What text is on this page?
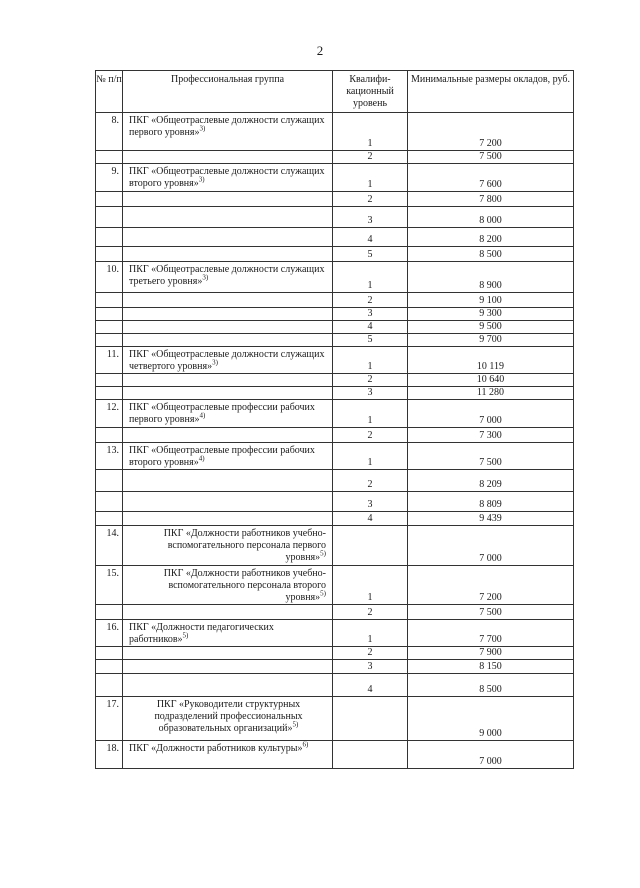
2
№ п/п	Профессиональная группа	Квалифи-кационный уровень	Минимальные размеры окладов, руб.
8.	ПКГ «Общеотраслевые должности служащих первого уровня»$^{3)}$	1	7 200
		2	7 500
9.	ПКГ «Общеотраслевые должности служащих второго уровня»$^{3)}$	1	7 600
		2	7 800
		3	8 000
		4	8 200
		5	8 500
10.	ПКГ «Общеотраслевые должности служащих третьего уровня»$^{3)}$	1	8 900
		2	9 100
		3	9 300
		4	9 500
		5	9 700
11.	ПКГ «Общеотраслевые должности служащих четвертого уровня»$^{3)}$	1	10 119
		2	10 640
		3	11 280
12.	ПКГ «Общеотраслевые профессии рабочих первого уровня»$^{4)}$	1	7 000
		2	7 300
13.	ПКГ «Общеотраслевые профессии рабочих второго уровня»$^{4)}$	1	7 500
		2	8 209
		3	8 809
		4	9 439
14.	ПКГ «Должности работников учебно-вспомогательного персонала первого уровня»$^{5)}$		7 000
15.	ПКГ «Должности работников учебно-вспомогательного персонала второго уровня»$^{5)}$	1	7 200
		2	7 500
16.	ПКГ «Должности педагогических работников»$^{5)}$	1	7 700
		2	7 900
		3	8 150
		4	8 500
17.	ПКГ «Руководители структурных подразделений профессиональных образовательных организаций»$^{5)}$		9 000
18.	ПКГ «Должности работников культуры»$^{6)}$		7 000
